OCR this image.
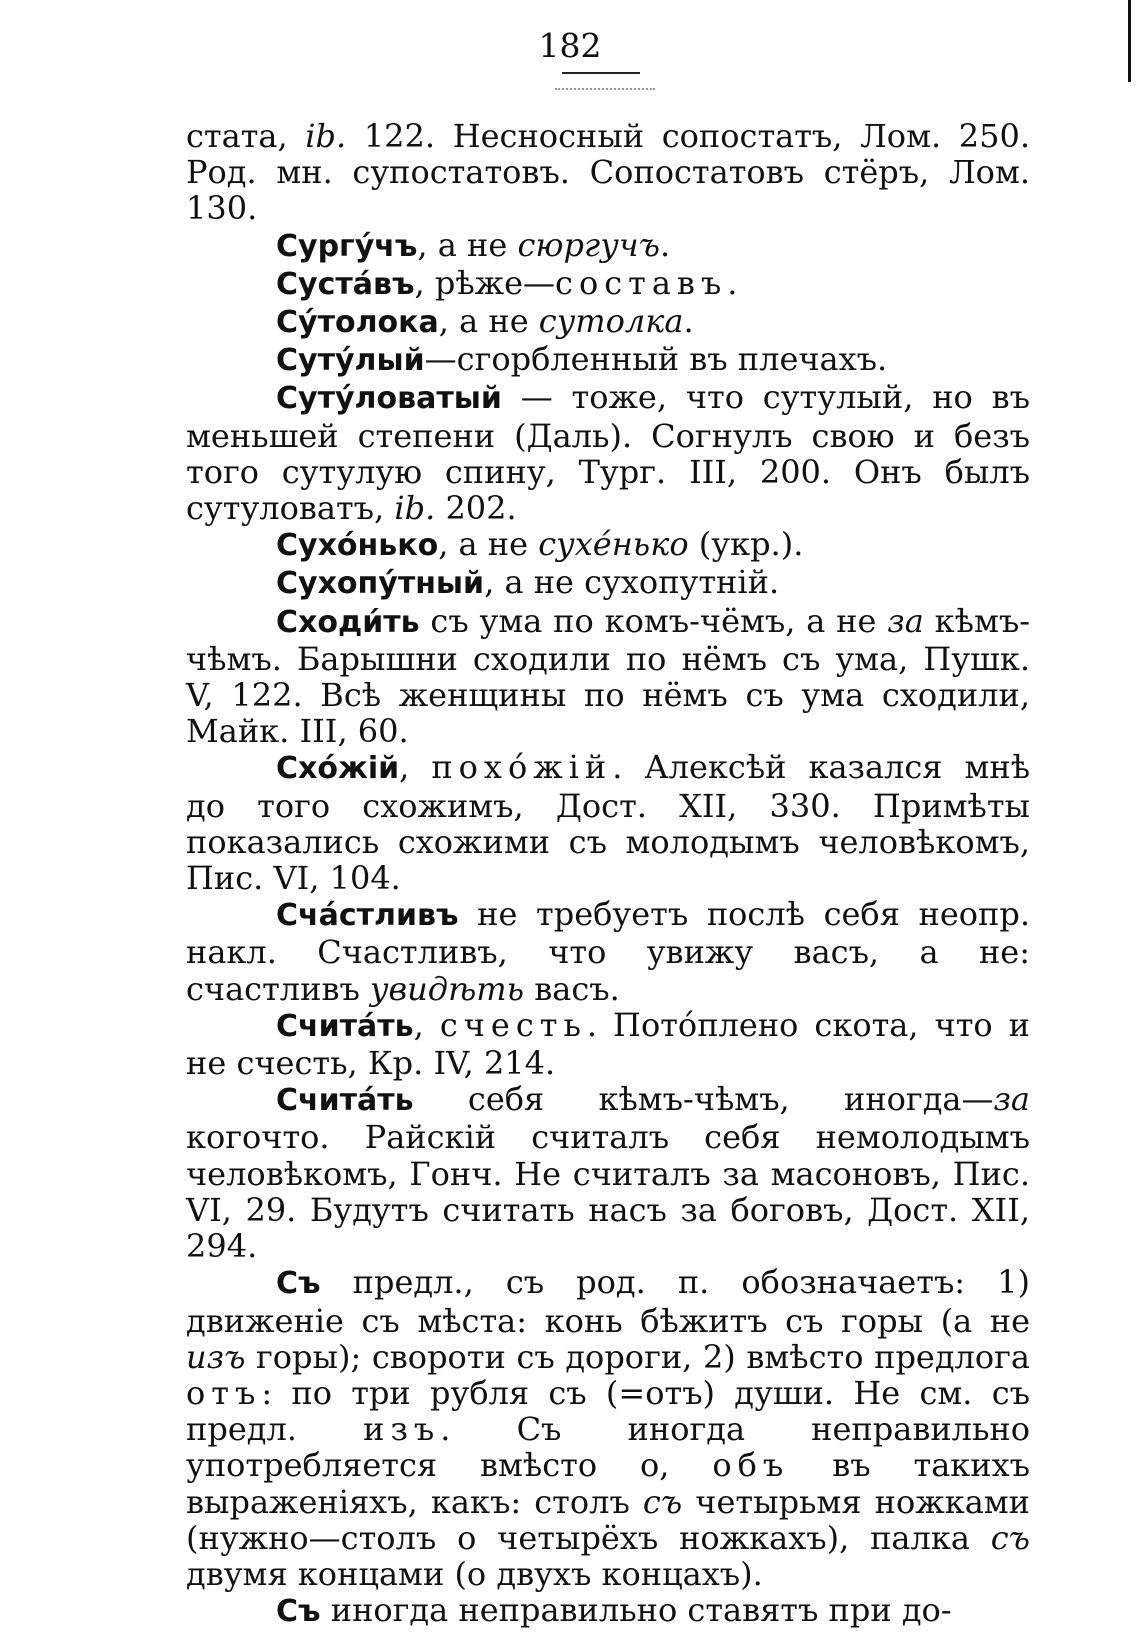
182

стата, ib. 122. Несносный сопостатъ, Лом. 250. Род. мн. супостатовъ. Сопостатовъ стёръ, Лом. 130.

Сургýчъ, а не сюргучъ.

Сустáвъ, рѣже—составъ.

Сýтолока, а не сутолка.

Сутýлый—сгорбленный въ плечахъ.

Сутýловатый — тоже, что сутулый, но въ меньшей степени (Даль). Согнулъ свою и безъ того сутулую спину, Тург. III, 200. Онъ былъ сутуловатъ, ib. 202.

Сухóнько, а не сухéнько (укр.).

Сухопýтный, а не сухопутнiй.

Сходи́ть съ ума по комъ-чёмъ, а не за кѣмъ-чѣмъ. Барышни сходили по нёмъ съ ума, Пушк. V, 122. Всѣ женщины по нёмъ съ ума сходили, Майк. III, 60.

Схóжiй, похóжiй. Алексѣй казался мнѣ до того схожимъ, Дост. XII, 330. Примѣты показались схожими съ молодымъ человѣкомъ, Пис. VI, 104.

Счáстливъ не требуетъ послѣ себя неопр. накл. Счастливъ, что увижу васъ, а не: счастливъ увидѣть васъ.

Считáть, счесть. Потóплено скота, что и не счесть, Кр. IV, 214.

Считáть себя кѣмъ-чѣмъ, иногда—за когочто. Райскiй считалъ себя немолодымъ человѣкомъ, Гонч. Не считалъ за масоновъ, Пис. VI, 29. Будутъ считать насъ за боговъ, Дост. XII, 294.

Съ предл., съ род. п. обозначаетъ: 1) движенiе съ мѣста: конь бѣжитъ съ горы (а не изъ горы); свороти съ дороги, 2) вмѣсто предлога отъ: по три рубля съ (=отъ) души. Не см. съ предл. изъ. Съ иногда неправильно употребляется вмѣсто о, объ въ такихъ выраженiяхъ, какъ: столъ съ четырьмя ножками (нужно—столъ о четырёхъ ножкахъ), палка съ двумя концами (о двухъ концахъ).

Съ иногда неправильно ставятъ при до-
